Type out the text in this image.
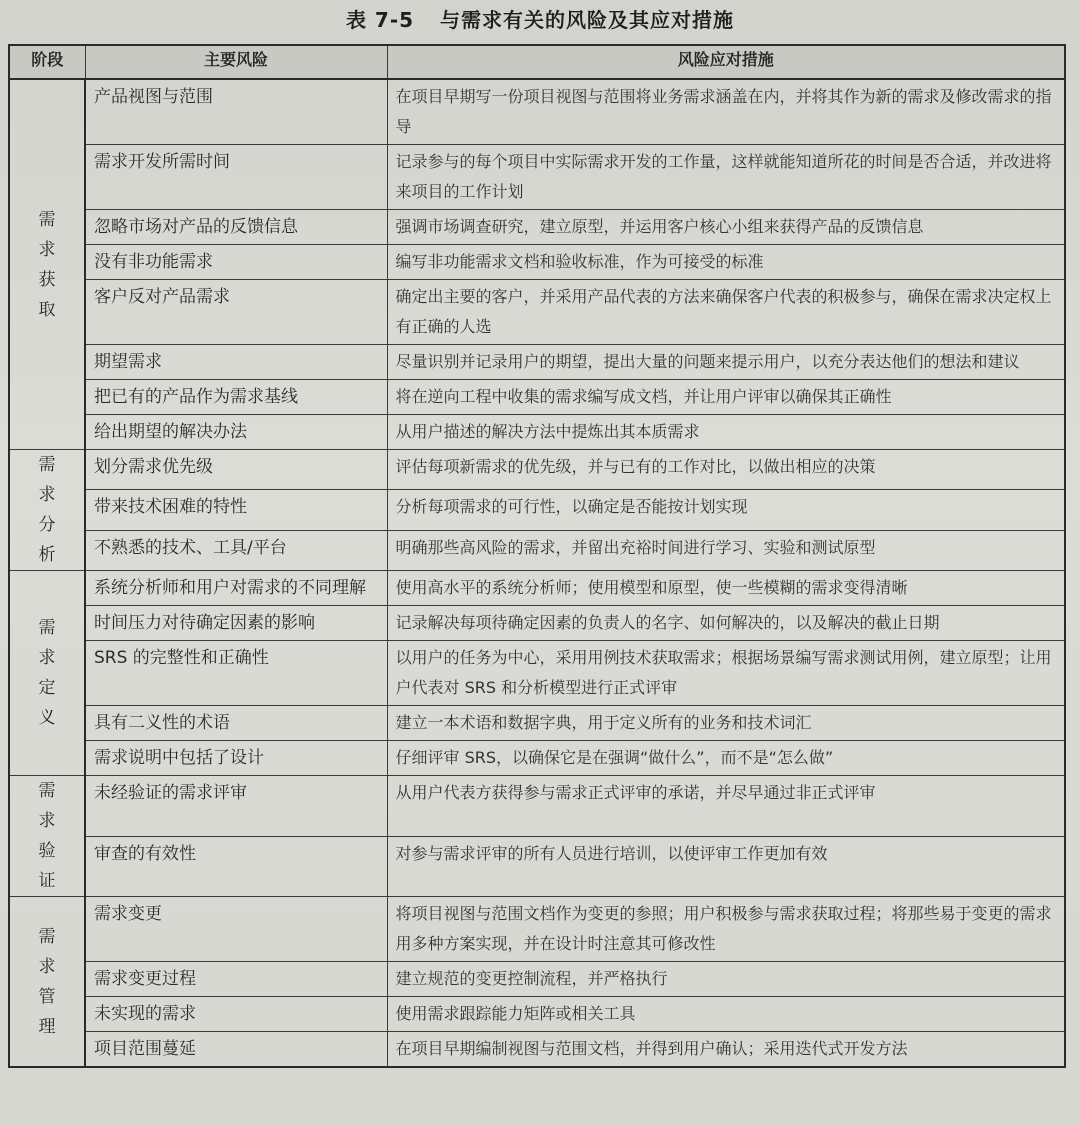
表 7-5 与需求有关的风险及其应对措施
阶段	主要风险	风险应对措施
需求获取	产品视图与范围	在项目早期写一份项目视图与范围将业务需求涵盖在内，并将其作为新的需求及修改需求的指导
	需求开发所需时间	记录参与的每个项目中实际需求开发的工作量，这样就能知道所花的时间是否合适，并改进将来项目的工作计划
	忽略市场对产品的反馈信息	强调市场调查研究，建立原型，并运用客户核心小组来获得产品的反馈信息
	没有非功能需求	编写非功能需求文档和验收标准，作为可接受的标准
	客户反对产品需求	确定出主要的客户，并采用产品代表的方法来确保客户代表的积极参与，确保在需求决定权上有正确的人选
	期望需求	尽量识别并记录用户的期望，提出大量的问题来提示用户，以充分表达他们的想法和建议
	把已有的产品作为需求基线	将在逆向工程中收集的需求编写成文档，并让用户评审以确保其正确性
	给出期望的解决办法	从用户描述的解决方法中提炼出其本质需求
需求分析	划分需求优先级	评估每项新需求的优先级，并与已有的工作对比，以做出相应的决策
	带来技术困难的特性	分析每项需求的可行性，以确定是否能按计划实现
	不熟悉的技术、工具/平台	明确那些高风险的需求，并留出充裕时间进行学习、实验和测试原型
需求定义	系统分析师和用户对需求的不同理解	使用高水平的系统分析师；使用模型和原型，使一些模糊的需求变得清晰
	时间压力对待确定因素的影响	记录解决每项待确定因素的负责人的名字、如何解决的，以及解决的截止日期
	SRS 的完整性和正确性	以用户的任务为中心，采用用例技术获取需求；根据场景编写需求测试用例，建立原型；让用户代表对 SRS 和分析模型进行正式评审
	具有二义性的术语	建立一本术语和数据字典，用于定义所有的业务和技术词汇
	需求说明中包括了设计	仔细评审 SRS，以确保它是在强调“做什么”，而不是“怎么做”
需求验证	未经验证的需求评审	从用户代表方获得参与需求正式评审的承诺，并尽早通过非正式评审
	审查的有效性	对参与需求评审的所有人员进行培训，以使评审工作更加有效
需求管理	需求变更	将项目视图与范围文档作为变更的参照；用户积极参与需求获取过程；将那些易于变更的需求用多种方案实现，并在设计时注意其可修改性
	需求变更过程	建立规范的变更控制流程，并严格执行
	未实现的需求	使用需求跟踪能力矩阵或相关工具
	项目范围蔓延	在项目早期编制视图与范围文档，并得到用户确认；采用迭代式开发方法
